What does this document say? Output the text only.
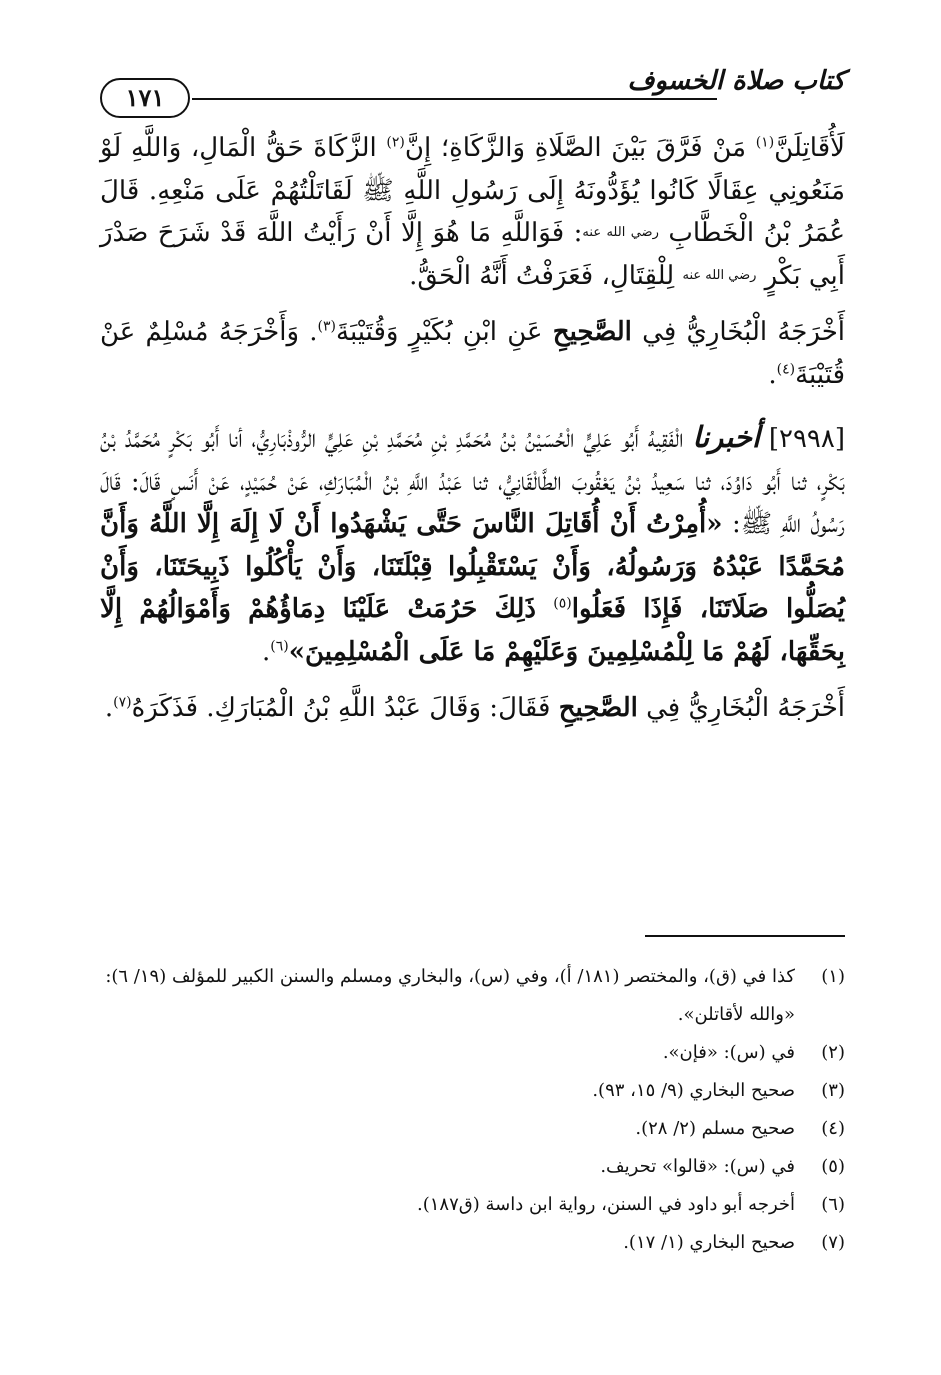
١٧١
كتاب صلاة الخسوف

لَأُقَاتِلَنَّ$^{(١)}$ مَنْ فَرَّقَ بَيْنَ الصَّلَاةِ وَالزَّكَاةِ؛ إِنَّ$^{(٢)}$ الزَّكَاةَ حَقُّ الْمَالِ، وَاللَّهِ لَوْ مَنَعُونِي عِقَالًا كَانُوا يُؤَدُّونَهُ إِلَى رَسُولِ اللَّهِ ﷺ لَقَاتَلْتُهُمْ عَلَى مَنْعِهِ. قَالَ عُمَرُ بْنُ الْخَطَّابِ $^{رضي الله عنه}$: فَوَاللَّهِ مَا هُوَ إِلَّا أَنْ رَأَيْتُ اللَّهَ قَدْ شَرَحَ صَدْرَ أَبِي بَكْرٍ $^{رضي الله عنه}$ لِلْقِتَالِ، فَعَرَفْتُ أَنَّهُ الْحَقُّ.

أَخْرَجَهُ الْبُخَارِيُّ فِي الصَّحِيحِ عَنِ ابْنِ بُكَيْرٍ وَقُتَيْبَةَ$^{(٣)}$. وَأَخْرَجَهُ مُسْلِمٌ عَنْ قُتَيْبَةَ$^{(٤)}$.

[٢٩٩٨] أخبرنا الْفَقِيهُ أَبُو عَلِيٍّ الْحُسَيْنُ بْنُ مُحَمَّدِ بْنِ مُحَمَّدِ بْنِ عَلِيٍّ الرُّوذْبَارِيُّ، أنا أَبُو بَكْرٍ مُحَمَّدُ بْنُ بَكْرٍ، ثنا أَبُو دَاوُدَ، ثنا سَعِيدُ بْنُ يَعْقُوبَ الطَّالْقَانِيُّ، ثنا عَبْدُ اللَّهِ بْنُ الْمُبَارَكِ، عَنْ حُمَيْدٍ، عَنْ أَنَسٍ قَالَ: قَالَ رَسُولُ اللَّهِ ﷺ: «أُمِرْتُ أَنْ أُقَاتِلَ النَّاسَ حَتَّى يَشْهَدُوا أَنْ لَا إِلَهَ إِلَّا اللَّهُ وَأَنَّ مُحَمَّدًا عَبْدُهُ وَرَسُولُهُ، وَأَنْ يَسْتَقْبِلُوا قِبْلَتَنَا، وَأَنْ يَأْكُلُوا ذَبِيحَتَنَا، وَأَنْ يُصَلُّوا صَلَاتَنَا، فَإِذَا فَعَلُوا$^{(٥)}$ ذَلِكَ حَرُمَتْ عَلَيْنَا دِمَاؤُهُمْ وَأَمْوَالُهُمْ إِلَّا بِحَقِّهَا، لَهُمْ مَا لِلْمُسْلِمِينَ وَعَلَيْهِمْ مَا عَلَى الْمُسْلِمِينَ»$^{(٦)}$.

أَخْرَجَهُ الْبُخَارِيُّ فِي الصَّحِيحِ فَقَالَ: وَقَالَ عَبْدُ اللَّهِ بْنُ الْمُبَارَكِ. فَذَكَرَهُ$^{(٧)}$.

(١)
كذا في (ق)، والمختصر (١٨١/ أ)، وفي (س)، والبخاري ومسلم والسنن الكبير للمؤلف (١٩/ ٦): «والله لأقاتلن».
(٢)
في (س): «فإن».
(٣)
صحيح البخاري (٩/ ١٥، ٩٣).
(٤)
صحيح مسلم (٢/ ٢٨).
(٥)
في (س): «قالوا» تحريف.
(٦)
أخرجه أبو داود في السنن، رواية ابن داسة (ق١٨٧).
(٧)
صحيح البخاري (١/ ١٧).
